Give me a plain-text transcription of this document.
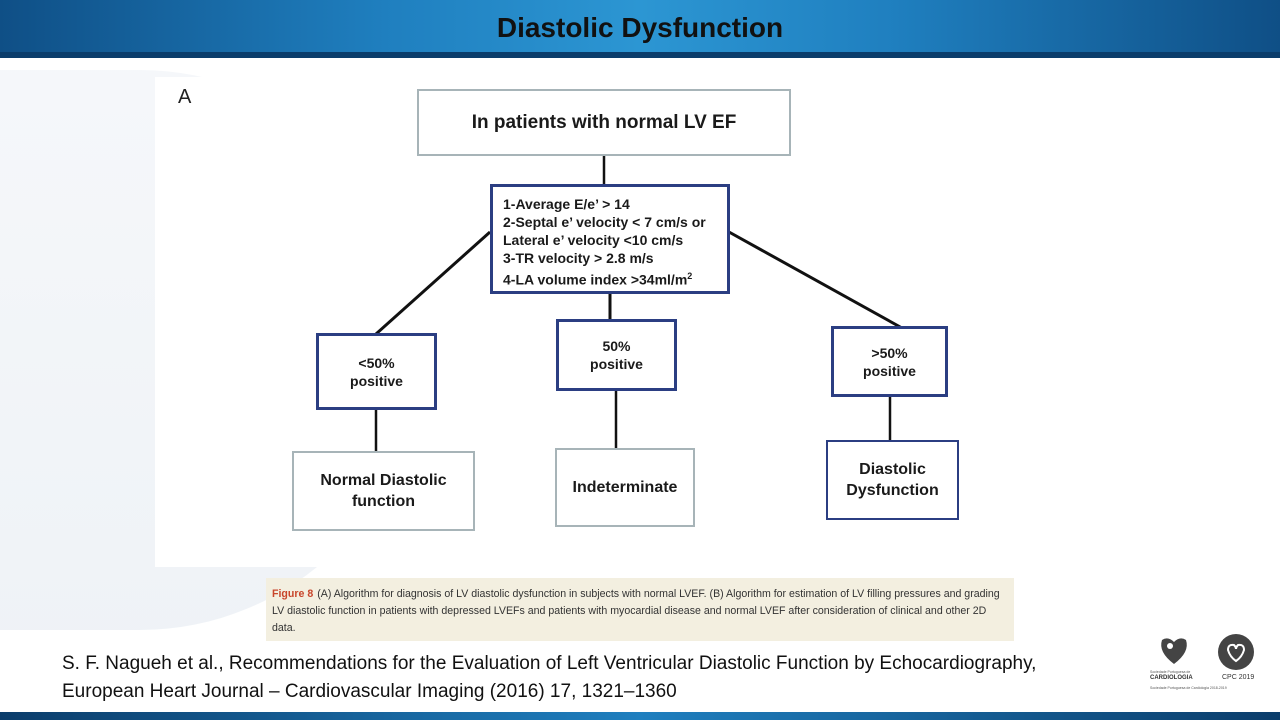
Diastolic Dysfunction
A
In patients with normal LV EF
1-Average E/e’ > 14
2-Septal e’ velocity < 7 cm/s or
Lateral e’ velocity <10 cm/s
3-TR velocity > 2.8 m/s
4-LA volume index $>34ml/m^2$
<50% positive
50% positive
>50% positive
Normal Diastolic function
Indeterminate
Diastolic Dysfunction
Figure 8 (A) Algorithm for diagnosis of LV diastolic dysfunction in subjects with normal LVEF. (B) Algorithm for estimation of LV filling pressures and grading LV diastolic function in patients with depressed LVEFs and patients with myocardial disease and normal LVEF after consideration of clinical and other 2D data.
S. F. Nagueh et al., Recommendations for the Evaluation of Left Ventricular Diastolic Function by Echocardiography, European Heart Journal – Cardiovascular Imaging (2016) 17, 1321–1360
Sociedade Portuguesa de
CARDIOLOGIA	CPC 2019
Sociedade Portuguesa de Cardiologia 2018-2019
